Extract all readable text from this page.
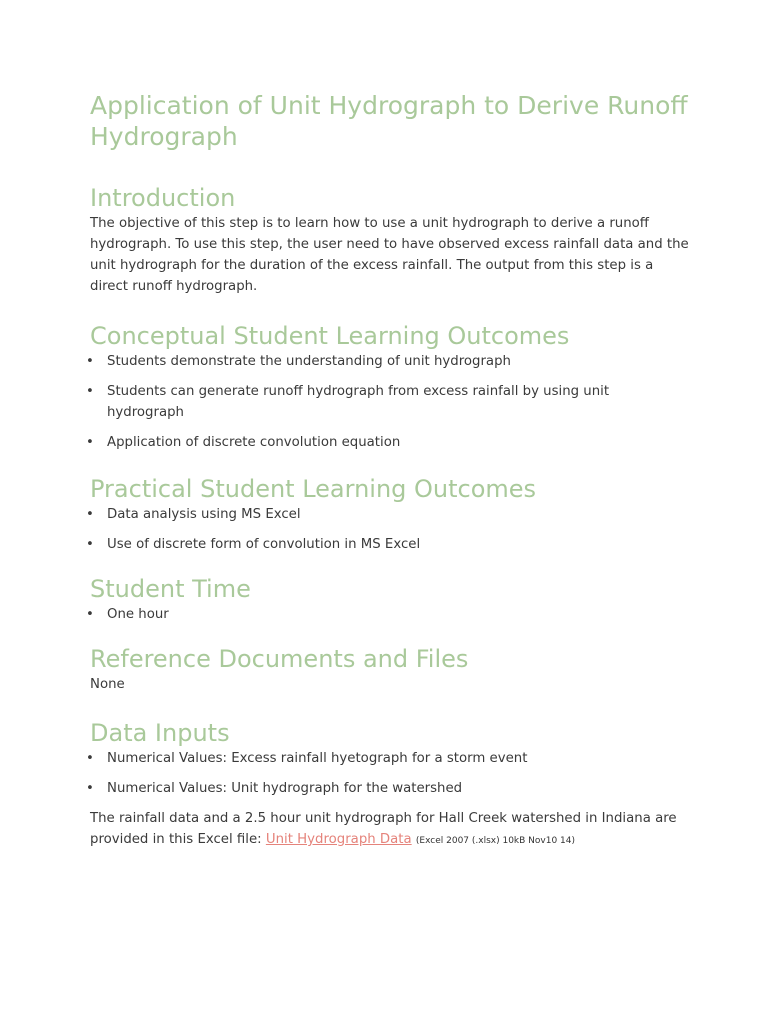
Application of Unit Hydrograph to Derive Runoff Hydrograph
Introduction

The objective of this step is to learn how to use a unit hydrograph to derive a runoff hydrograph. To use this step, the user need to have observed excess rainfall data and the unit hydrograph for the duration of the excess rainfall. The output from this step is a direct runoff hydrograph.

Conceptual Student Learning Outcomes
• Students demonstrate the understanding of unit hydrograph
• Students can generate runoff hydrograph from excess rainfall by using unit hydrograph
• Application of discrete convolution equation
Practical Student Learning Outcomes
• Data analysis using MS Excel
• Use of discrete form of convolution in MS Excel
Student Time
• One hour
Reference Documents and Files

None

Data Inputs
• Numerical Values: Excess rainfall hyetograph for a storm event
• Numerical Values: Unit hydrograph for the watershed

The rainfall data and a 2.5 hour unit hydrograph for Hall Creek watershed in Indiana are provided in this Excel file: Unit Hydrograph Data (Excel 2007 (.xlsx) 10kB Nov10 14)
